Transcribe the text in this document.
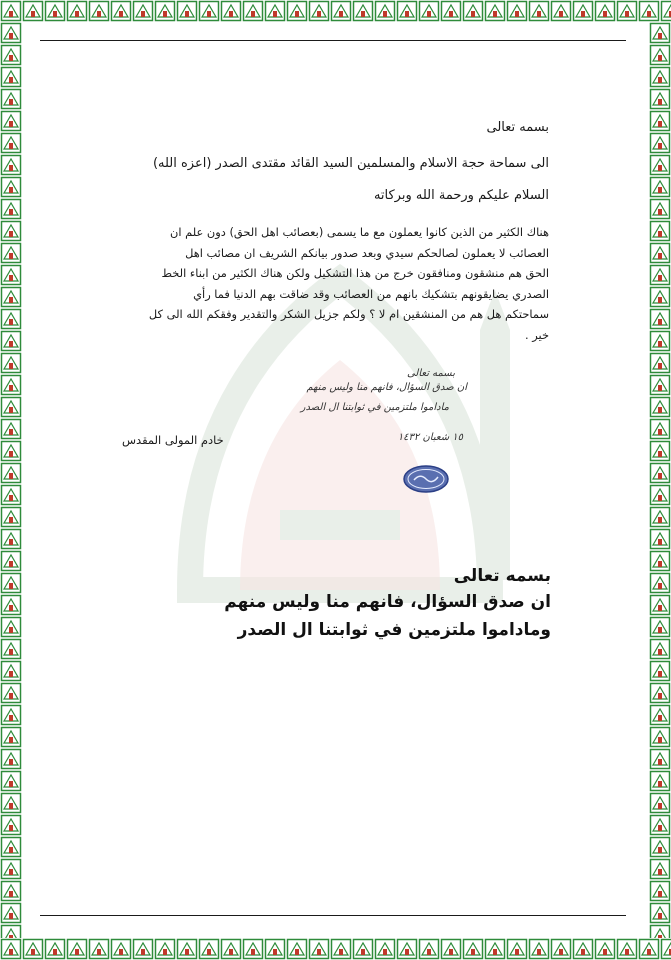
بسمه تعالى
الى سماحة حجة الاسلام والمسلمين السيد القائد مقتدى الصدر (اعزه الله)
السلام عليكم ورحمة الله وبركاته
هناك الكثير من الذين كانوا يعملون مع ما يسمى (بعصائب اهل الحق) دون علم ان
العصائب لا يعملون لصالحكم سيدي وبعد صدور بيانكم الشريف ان مصائب اهل
الحق هم منشقون ومنافقون خرج من هذا التشكيل ولكن هناك الكثير من ابناء الخط
الصدري يضايقونهم بتشكيك بانهم من العصائب وقد ضاقت بهم الدنيا فما رأي
سماحتكم هل هم من المنشقين ام لا ؟ ولكم جزيل الشكر والتقدير وفقكم الله الى كل
خير .
بسمه تعالى
ان صدق السؤال، فانهم منا وليس منهم
ماداموا ملتزمين في ثوابتنا ال الصدر
١٥ شعبان ١٤٣٢
خادم المولى المقدس
بسمه تعالى
ان صدق السؤال، فانهم منا وليس منهم
وماداموا ملتزمين في ثوابتنا ال الصدر
